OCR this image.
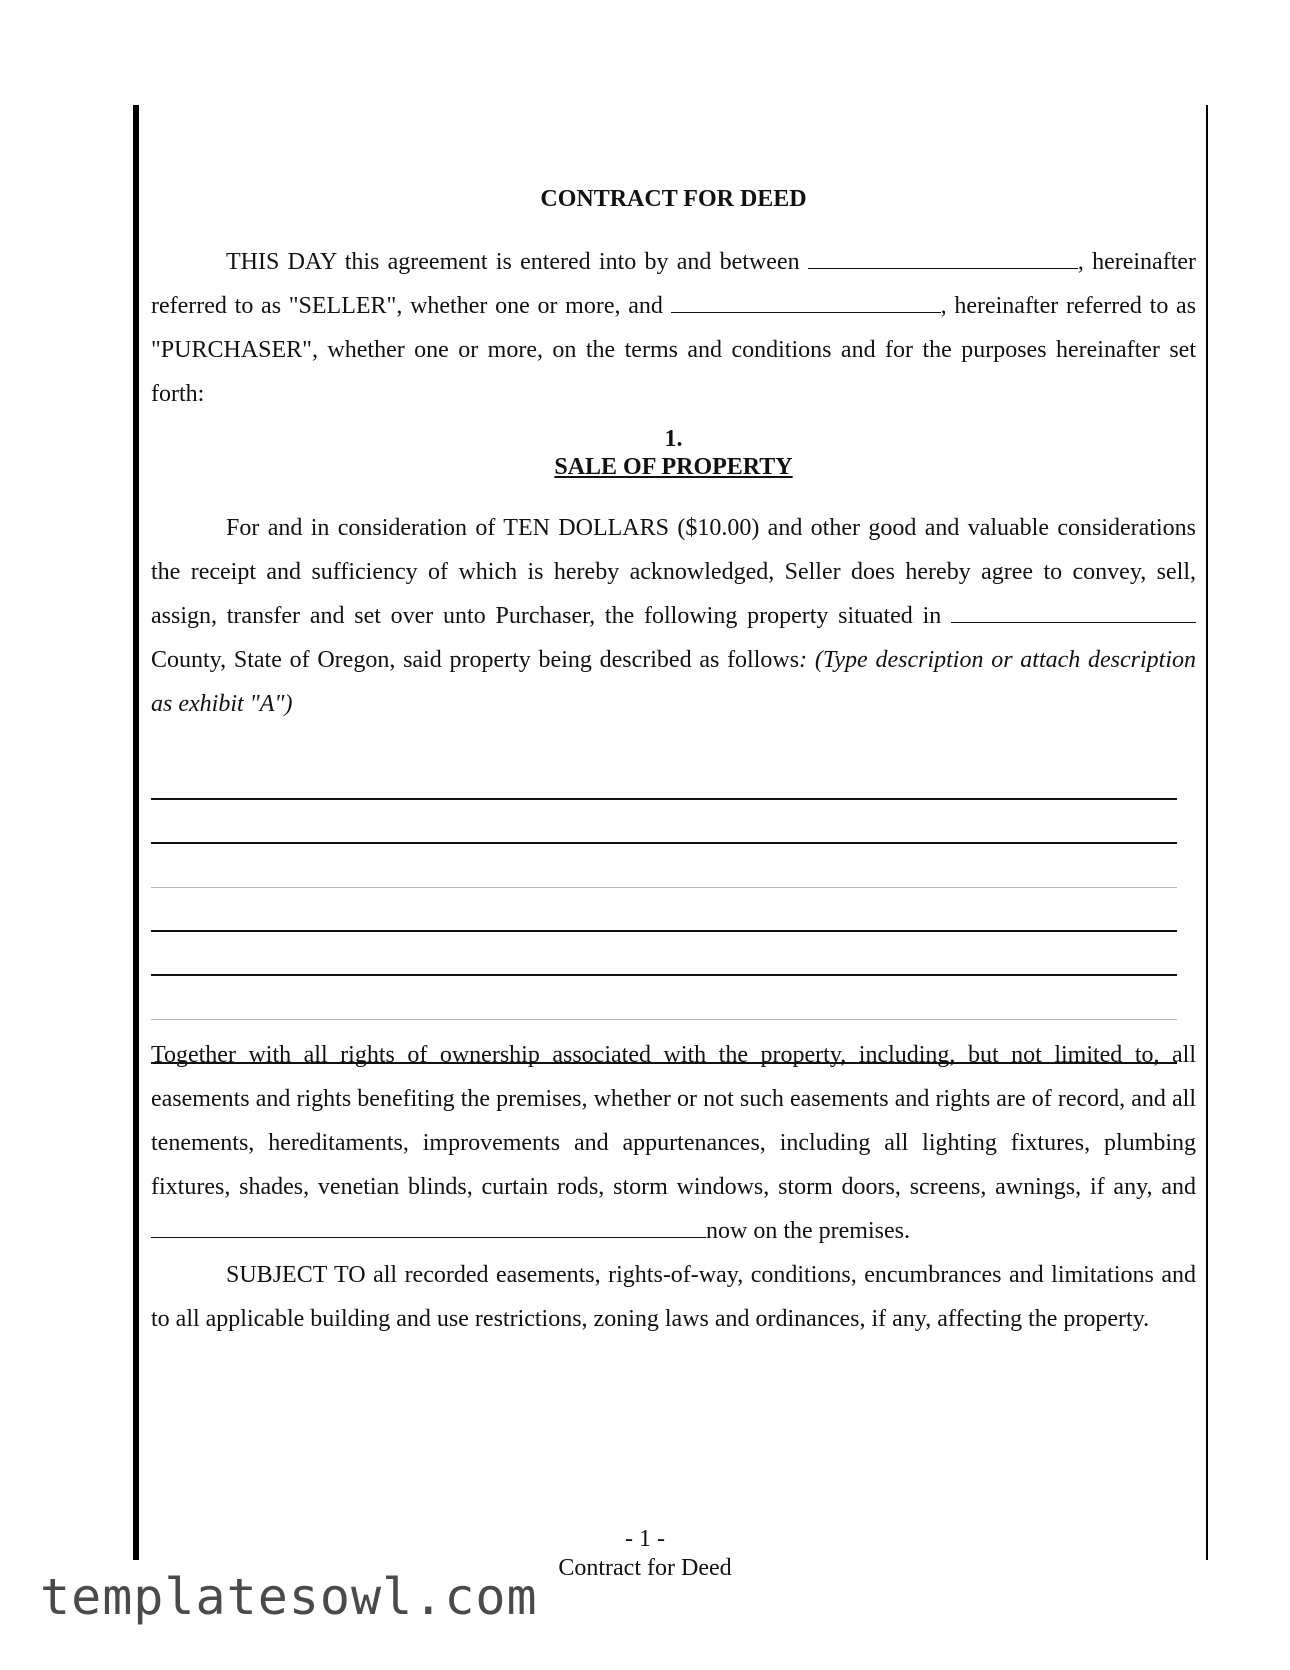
CONTRACT FOR DEED
THIS DAY this agreement is entered into by and between	, hereinafter referred to as "SELLER", whether one or more, and	, hereinafter referred to as "PURCHASER", whether one or more, on the terms and conditions and for the purposes hereinafter set forth:
1.
SALE OF PROPERTY
For and in consideration of TEN DOLLARS ($10.00) and other good and valuable considerations the receipt and sufficiency of which is hereby acknowledged, Seller does hereby agree to convey, sell, assign, transfer and set over unto Purchaser, the following property situated in  County, State of Oregon, said property being described as follows: (Type description or attach description as exhibit "A")
Together with all rights of ownership associated with the property, including, but not limited to, all easements and rights benefiting the premises, whether or not such easements and rights are of record, and all tenements, hereditaments, improvements and appurtenances, including all lighting fixtures, plumbing fixtures, shades, venetian blinds, curtain rods, storm windows, storm doors, screens, awnings, if any, and now on the premises.
SUBJECT TO all recorded easements, rights-of-way, conditions, encumbrances and limitations and to all applicable building and use restrictions, zoning laws and ordinances, if any, affecting the property.
- 1 -
Contract for Deed
templatesowl.com
